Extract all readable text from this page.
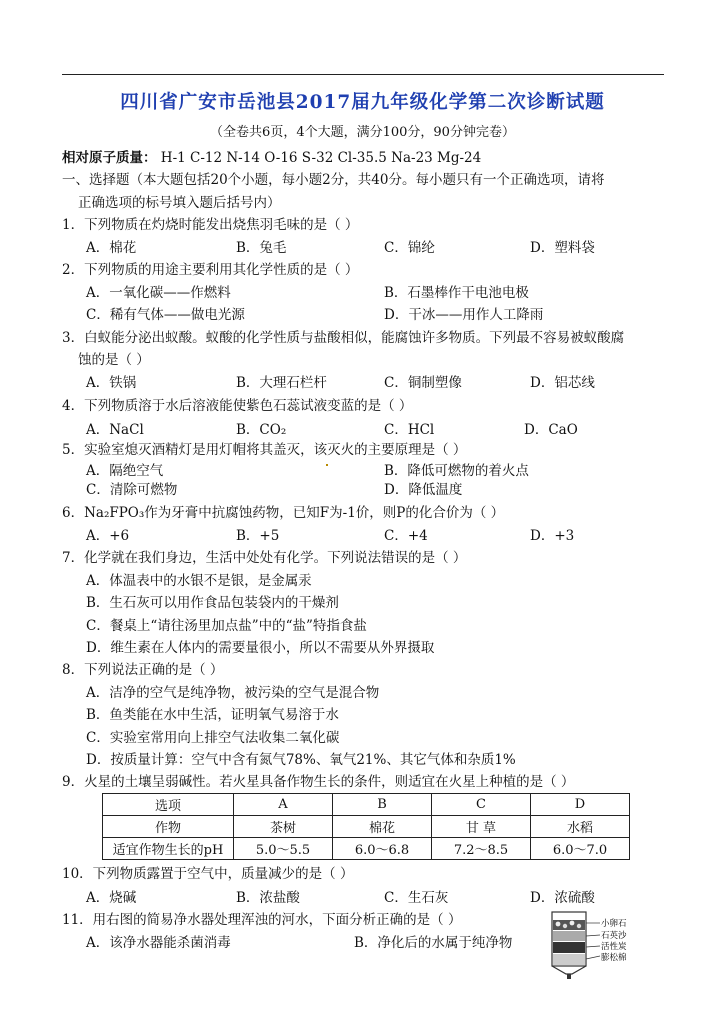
四川省广安市岳池县2017届九年级化学第二次诊断试题
（全卷共6页，4个大题，满分100分，90分钟完卷）
相对原子质量： H-1 C-12 N-14 O-16 S-32 Cl-35.5 Na-23 Mg-24
一、选择题（本大题包括20个小题，每小题2分，共40分。每小题只有一个正确选项，请将
正确选项的标号填入题后括号内）
1．下列物质在灼烧时能发出烧焦羽毛味的是（ ）
A．棉花	B．兔毛	C．锦纶	D．塑料袋
2．下列物质的用途主要利用其化学性质的是（ ）
A．一氧化碳——作燃料	B．石墨棒作干电池电极
C．稀有气体——做电光源	D．干冰——用作人工降雨
3．白蚁能分泌出蚁酸。蚁酸的化学性质与盐酸相似，能腐蚀许多物质。下列最不容易被蚁酸腐
蚀的是（ ）
A．铁锅	B．大理石栏杆	C．铜制塑像	D．铝芯线
4．下列物质溶于水后溶液能使紫色石蕊试液变蓝的是（ ）
A．NaCl	B．CO₂	C．HCl	D．CaO
5．实验室熄灭酒精灯是用灯帽将其盖灭，该灭火的主要原理是（ ）
A．隔绝空气	B．降低可燃物的着火点
C．清除可燃物	D．降低温度
6．Na₂FPO₃作为牙膏中抗腐蚀药物，已知F为-1价，则P的化合价为（ ）
A．+6	B．+5	C．+4	D．+3
7．化学就在我们身边，生活中处处有化学。下列说法错误的是（ ）
A．体温表中的水银不是银，是金属汞
B．生石灰可以用作食品包装袋内的干燥剂
C．餐桌上“请往汤里加点盐”中的“盐”特指食盐
D．维生素在人体内的需要量很小，所以不需要从外界摄取
8．下列说法正确的是（ ）
A．洁净的空气是纯净物，被污染的空气是混合物
B．鱼类能在水中生活，证明氧气易溶于水
C．实验室常用向上排空气法收集二氧化碳
D．按质量计算：空气中含有氮气78%、氧气21%、其它气体和杂质1%
9．火星的土壤呈弱碱性。若火星具备作物生长的条件，则适宜在火星上种植的是（ ）
选项	A	B	C	D
作物	茶树	棉花	甘 草	水稻
适宜作物生长的pH	5.0～5.5	6.0～6.8	7.2～8.5	6.0～7.0
10．下列物质露置于空气中，质量减少的是（ ）
A．烧碱	B．浓盐酸	C．生石灰	D．浓硫酸
11．用右图的简易净水器处理浑浊的河水，下面分析正确的是（ ）
A．该净水器能杀菌消毒	B．净化后的水属于纯净物
小卵石
石英沙
活性炭
膨松棉
